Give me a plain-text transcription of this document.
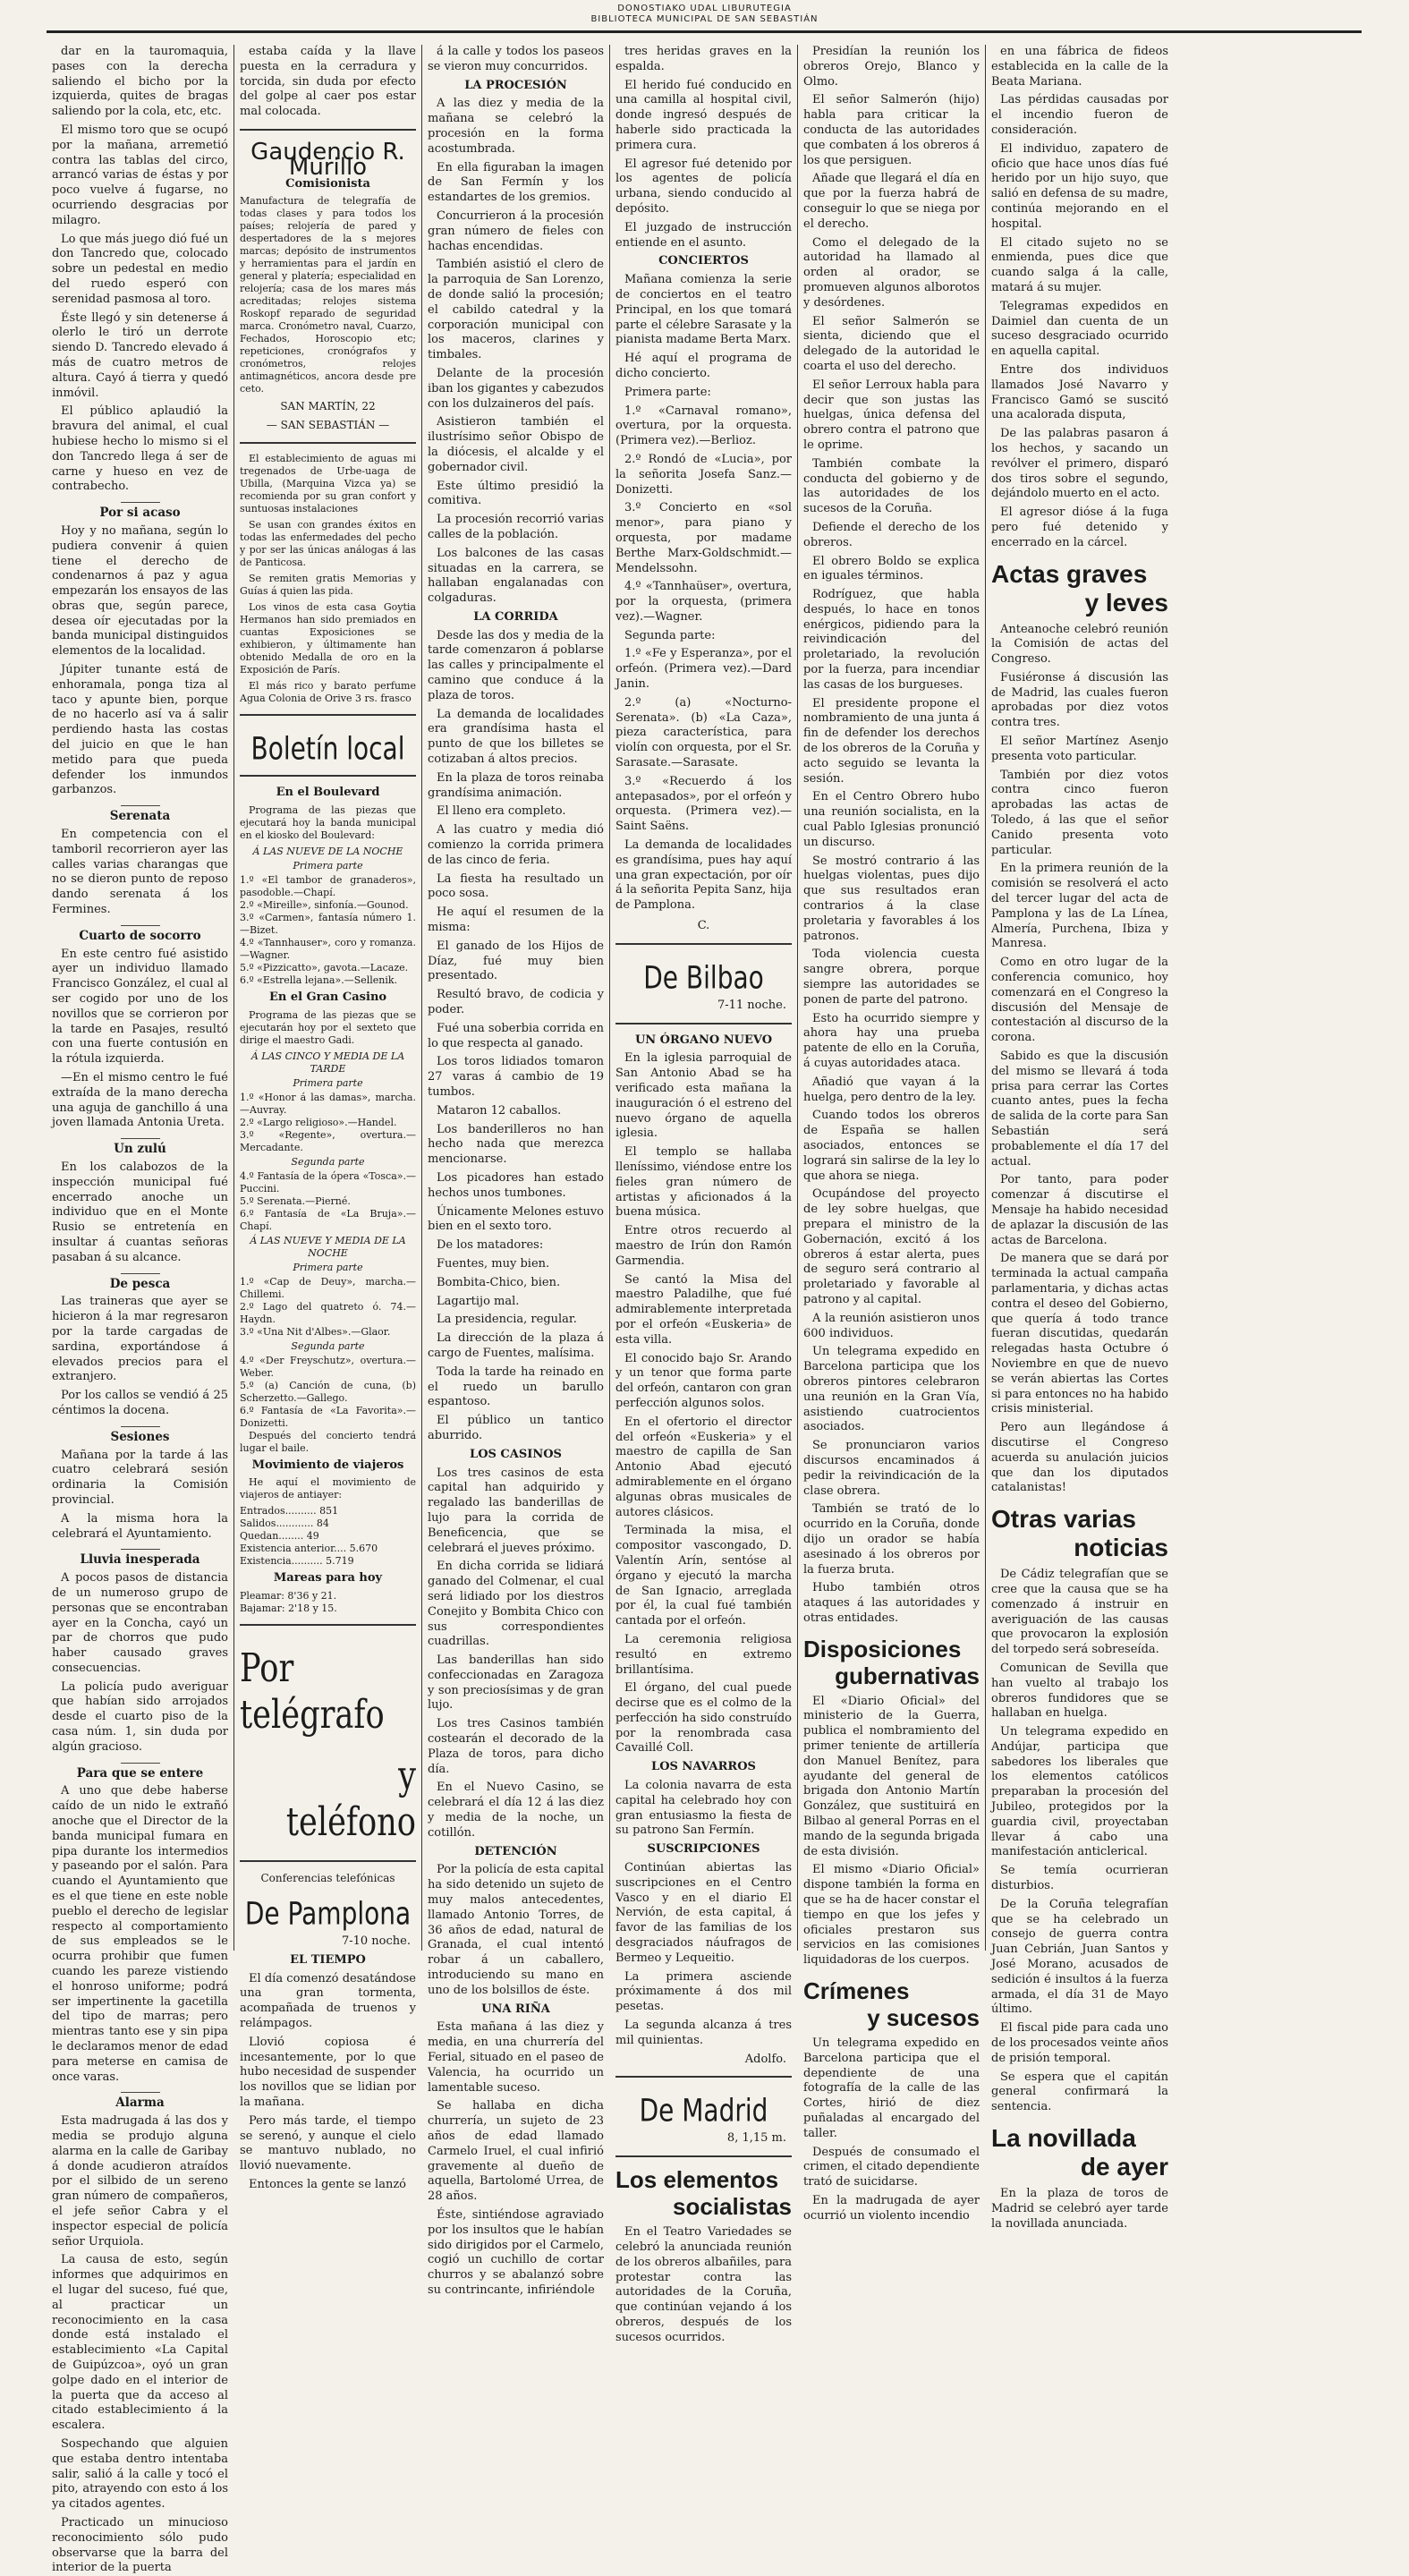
DONOSTIAKO UDAL LIBURUTEGIA
BIBLIOTECA MUNICIPAL DE SAN SEBASTIÁN

dar en la tauromaquia, pases con la derecha saliendo el bicho por la izquierda, quites de bragas saliendo por la cola, etc, etc.

El mismo toro que se ocupó por la mañana, arremetió contra las tablas del circo, arrancó varias de éstas y por poco vuelve á fugarse, no ocurriendo desgracias por milagro.

Lo que más juego dió fué un don Tancredo que, colocado sobre un pedestal en medio del ruedo esperó con serenidad pasmosa al toro.

Éste llegó y sin detenerse á olerlo le tiró un derrote siendo D. Tancredo elevado á más de cuatro metros de altura. Cayó á tierra y quedó inmóvil.

El público aplaudió la bravura del animal, el cual hubiese hecho lo mismo si el don Tancredo llega á ser de carne y hueso en vez de contrabecho.

Por si acaso

Hoy y no mañana, según lo pudiera convenir á quien tiene el derecho de condenarnos á paz y agua empezarán los ensayos de las obras que, según parece, desea oír ejecutadas por la banda municipal distinguidos elementos de la localidad.

Júpiter tunante está de enhoramala, ponga tiza al taco y apunte bien, porque de no hacerlo así va á salir perdiendo hasta las costas del juicio en que le han metido para que pueda defender los inmundos garbanzos.

Serenata

En competencia con el tamboril recorrieron ayer las calles varias charangas que no se dieron punto de reposo dando serenata á los Fermines.

Cuarto de socorro

En este centro fué asistido ayer un individuo llamado Francisco González, el cual al ser cogido por uno de los novillos que se corrieron por la tarde en Pasajes, resultó con una fuerte contusión en la rótula izquierda.

—En el mismo centro le fué extraída de la mano derecha una aguja de ganchillo á una joven llamada Antonia Ureta.

Un zulú

En los calabozos de la inspección municipal fué encerrado anoche un individuo que en el Monte Rusio se entretenía en insultar á cuantas señoras pasaban á su alcance.

De pesca

Las traineras que ayer se hicieron á la mar regresaron por la tarde cargadas de sardina, exportándose á elevados precios para el extranjero.

Por los callos se vendió á 25 céntimos la docena.

Sesiones

Mañana por la tarde á las cuatro celebrará sesión ordinaria la Comisión provincial.

A la misma hora la celebrará el Ayuntamiento.

Lluvia inesperada

A pocos pasos de distancia de un numeroso grupo de personas que se encontraban ayer en la Concha, cayó un par de chorros que pudo haber causado graves consecuencias.

La policía pudo averiguar que habían sido arrojados desde el cuarto piso de la casa núm. 1, sin duda por algún gracioso.

Para que se entere

A uno que debe haberse caído de un nido le extrañó anoche que el Director de la banda municipal fumara en pipa durante los intermedios y paseando por el salón. Para cuando el Ayuntamiento que es el que tiene en este noble pueblo el derecho de legislar respecto al comportamiento de sus empleados se le ocurra prohibir que fumen cuando les pareze vistiendo el honroso uniforme; podrá ser impertinente la gacetilla del tipo de marras; pero mientras tanto ese y sin pipa le declaramos menor de edad para meterse en camisa de once varas.

Alarma

Esta madrugada á las dos y media se produjo alguna alarma en la calle de Garibay á donde acudieron atraídos por el silbido de un sereno gran número de compañeros, el jefe señor Cabra y el inspector especial de policía señor Urquiola.

La causa de esto, según informes que adquirimos en el lugar del suceso, fué que, al practicar un reconocimiento en la casa donde está instalado el establecimiento «La Capital de Guipúzcoa», oyó un gran golpe dado en el interior de la puerta que da acceso al citado establecimiento á la escalera.

Sospechando que alguien que estaba dentro intentaba salir, salió á la calle y tocó el pito, atrayendo con esto á los ya citados agentes.

Practicado un minucioso reconocimiento sólo pudo observarse que la barra del interior de la puerta

estaba caída y la llave puesta en la cerradura y torcida, sin duda por efecto del golpe al caer pos estar mal colocada.

Gaudencio R. Murillo
Comisionista
Manufactura de telegrafía de todas clases y para todos los países; relojería de pared y despertadores de la s mejores marcas; depósito de instrumentos y herramientas para el jardín en general y platería; especialidad en relojería; casa de los mares más acreditadas; relojes sistema Roskopf reparado de seguridad marca. Cronómetro naval, Cuarzo, Fechados, Horoscopio etc; repeticiones, cronógrafos y cronómetros, relojes antimagnéticos, ancora desde pre ceto.
SAN MARTÍN, 22
— SAN SEBASTIÁN —

El establecimiento de aguas mi tregenados de Urbe-uaga de Ubilla, (Marquina Vizca ya) se recomienda por su gran confort y suntuosas instalaciones

Se usan con grandes éxitos en todas las enfermedades del pecho y por ser las únicas análogas á las de Panticosa.

Se remiten gratis Memorias y Guías á quien las pida.

Los vinos de esta casa Goytia Hermanos han sido premiados en cuantas Exposiciones se exhibieron, y últimamente han obtenido Medalla de oro en la Exposición de París.

El más rico y barato perfume Agua Colonia de Orive 3 rs. frasco

Boletín local
En el Boulevard

Programa de las piezas que ejecutará hoy la banda municipal en el kiosko del Boulevard:

Á LAS NUEVE DE LA NOCHE
Primera parte
1.º «El tambor de granaderos», pasodoble.—Chapí.
2.º «Mireille», sinfonía.—Gounod.
3.º «Carmen», fantasía número 1.—Bizet.
4.º «Tannhauser», coro y romanza.—Wagner.
5.º «Pizzicatto», gavota.—Lacaze.
6.º «Estrella lejana».—Sellenik.
En el Gran Casino

Programa de las piezas que se ejecutarán hoy por el sexteto que dirige el maestro Gadi.

Á LAS CINCO Y MEDIA DE LA TARDE
Primera parte
1.º «Honor á las damas», marcha.—Auvray.
2.º «Largo religioso».—Handel.
3.º «Regente», overtura.—Mercadante.
Segunda parte
4.º Fantasía de la ópera «Tosca».—Puccini.
5.º Serenata.—Pierné.
6.º Fantasía de «La Bruja».—Chapí.
Á LAS NUEVE Y MEDIA DE LA NOCHE
Primera parte
1.º «Cap de Deuy», marcha.—Chillemi.
2.º Lago del quatreto ó. 74.—Haydn.
3.º «Una Nit d'Albes».—Glaor.
Segunda parte
4.º «Der Freyschutz», overtura.—Weber.
5.º (a) Canción de cuna, (b) Scherzetto.—Gallego.
6.º Fantasía de «La Favorita».—Donizetti.

Después del concierto tendrá lugar el baile.

Movimiento de viajeros

He aquí el movimiento de viajeros de antiayer:

Entrados.......... 851
Salidos............ 84
Quedan........ 49
Existencia anterior.... 5.670
Existencia.......... 5.719
Mareas para hoy
Pleamar: 8'36 y 21.
Bajamar: 2'18 y 15.
Por telégrafo
y teléfono
Conferencias telefónicas
De Pamplona
7-10 noche.
EL TIEMPO

El día comenzó desatándose una gran tormenta, acompañada de truenos y relámpagos.

Llovió copiosa é incesantemente, por lo que hubo necesidad de suspender los novillos que se lidian por la mañana.

Pero más tarde, el tiempo se serenó, y aunque el cielo se mantuvo nublado, no llovió nuevamente.

Entonces la gente se lanzó

á la calle y todos los paseos se vieron muy concurridos.

LA PROCESIÓN

A las diez y media de la mañana se celebró la procesión en la forma acostumbrada.

En ella figuraban la imagen de San Fermín y los estandartes de los gremios.

Concurrieron á la procesión gran número de fieles con hachas encendidas.

También asistió el clero de la parroquia de San Lorenzo, de donde salió la procesión; el cabildo catedral y la corporación municipal con los maceros, clarines y timbales.

Delante de la procesión iban los gigantes y cabezudos con los dulzaineros del país.

Asistieron también el ilustrísimo señor Obispo de la diócesis, el alcalde y el gobernador civil.

Este último presidió la comitiva.

La procesión recorrió varias calles de la población.

Los balcones de las casas situadas en la carrera, se hallaban engalanadas con colgaduras.

LA CORRIDA

Desde las dos y media de la tarde comenzaron á poblarse las calles y principalmente el camino que conduce á la plaza de toros.

La demanda de localidades era grandísima hasta el punto de que los billetes se cotizaban á altos precios.

En la plaza de toros reinaba grandísima animación.

El lleno era completo.

A las cuatro y media dió comienzo la corrida primera de las cinco de feria.

La fiesta ha resultado un poco sosa.

He aquí el resumen de la misma:

El ganado de los Hijos de Díaz, fué muy bien presentado.

Resultó bravo, de codicia y poder.

Fué una soberbia corrida en lo que respecta al ganado.

Los toros lidiados tomaron 27 varas á cambio de 19 tumbos.

Mataron 12 caballos.

Los banderilleros no han hecho nada que merezca mencionarse.

Los picadores han estado hechos unos tumbones.

Únicamente Melones estuvo bien en el sexto toro.

De los matadores:

Fuentes, muy bien.

Bombita-Chico, bien.

Lagartijo mal.

La presidencia, regular.

La dirección de la plaza á cargo de Fuentes, malísima.

Toda la tarde ha reinado en el ruedo un barullo espantoso.

El público un tantico aburrido.

LOS CASINOS

Los tres casinos de esta capital han adquirido y regalado las banderillas de lujo para la corrida de Beneficencia, que se celebrará el jueves próximo.

En dicha corrida se lidiará ganado del Colmenar, el cual será lidiado por los diestros Conejito y Bombita Chico con sus correspondientes cuadrillas.

Las banderillas han sido confeccionadas en Zaragoza y son preciosísimas y de gran lujo.

Los tres Casinos también costearán el decorado de la Plaza de toros, para dicho día.

En el Nuevo Casino, se celebrará el día 12 á las diez y media de la noche, un cotillón.

DETENCIÓN

Por la policía de esta capital ha sido detenido un sujeto de muy malos antecedentes, llamado Antonio Torres, de 36 años de edad, natural de Granada, el cual intentó robar á un caballero, introduciendo su mano en uno de los bolsillos de éste.

UNA RIÑA

Esta mañana á las diez y media, en una churrería del Ferial, situado en el paseo de Valencia, ha ocurrido un lamentable suceso.

Se hallaba en dicha churrería, un sujeto de 23 años de edad llamado Carmelo Iruel, el cual infirió gravemente al dueño de aquella, Bartolomé Urrea, de 28 años.

Éste, sintiéndose agraviado por los insultos que le habían sido dirigidos por el Carmelo, cogió un cuchillo de cortar churros y se abalanzó sobre su contrincante, infiriéndole

tres heridas graves en la espalda.

El herido fué conducido en una camilla al hospital civil, donde ingresó después de haberle sido practicada la primera cura.

El agresor fué detenido por los agentes de policía urbana, siendo conducido al depósito.

El juzgado de instrucción entiende en el asunto.

CONCIERTOS

Mañana comienza la serie de conciertos en el teatro Principal, en los que tomará parte el célebre Sarasate y la pianista madame Berta Marx.

Hé aquí el programa de dicho concierto.

Primera parte:

1.º «Carnaval romano», overtura, por la orquesta. (Primera vez).—Berlioz.

2.º Rondó de «Lucia», por la señorita Josefa Sanz.—Donizetti.

3.º Concierto en «sol menor», para piano y orquesta, por madame Berthe Marx-Goldschmidt.—Mendelssohn.

4.º «Tannhaüser», overtura, por la orquesta, (primera vez).—Wagner.

Segunda parte:

1.º «Fe y Esperanza», por el orfeón. (Primera vez).—Dard Janin.

2.º (a) «Nocturno-Serenata». (b) «La Caza», pieza característica, para violín con orquesta, por el Sr. Sarasate.—Sarasate.

3.º «Recuerdo á los antepasados», por el orfeón y orquesta. (Primera vez).—Saint Saëns.

La demanda de localidades es grandísima, pues hay aquí una gran expectación, por oír á la señorita Pepita Sanz, hija de Pamplona.

C.
De Bilbao
7-11 noche.
UN ÓRGANO NUEVO

En la iglesia parroquial de San Antonio Abad se ha verificado esta mañana la inauguración ó el estreno del nuevo órgano de aquella iglesia.

El templo se hallaba lleníssimo, viéndose entre los fieles gran número de artistas y aficionados á la buena música.

Entre otros recuerdo al maestro de Irún don Ramón Garmendia.

Se cantó la Misa del maestro Paladilhe, que fué admirablemente interpretada por el orfeón «Euskeria» de esta villa.

El conocido bajo Sr. Arando y un tenor que forma parte del orfeón, cantaron con gran perfección algunos solos.

En el ofertorio el director del orfeón «Euskeria» y el maestro de capilla de San Antonio Abad ejecutó admirablemente en el órgano algunas obras musicales de autores clásicos.

Terminada la misa, el compositor vascongado, D. Valentín Arín, sentóse al órgano y ejecutó la marcha de San Ignacio, arreglada por él, la cual fué también cantada por el orfeón.

La ceremonia religiosa resultó en extremo brillantísima.

El órgano, del cual puede decirse que es el colmo de la perfección ha sido construído por la renombrada casa Cavaillé Coll.

LOS NAVARROS

La colonia navarra de esta capital ha celebrado hoy con gran entusiasmo la fiesta de su patrono San Fermín.

SUSCRIPCIONES

Continúan abiertas las suscripciones en el Centro Vasco y en el diario El Nervión, de esta capital, á favor de las familias de los desgraciados náufragos de Bermeo y Lequeitio.

La primera asciende próximamente á dos mil pesetas.

La segunda alcanza á tres mil quinientas.

Adolfo.
De Madrid
8, 1,15 m.
Los elementos
socialistas

En el Teatro Variedades se celebró la anunciada reunión de los obreros albañiles, para protestar contra las autoridades de la Coruña, que continúan vejando á los obreros, después de los sucesos ocurridos.

Presidían la reunión los obreros Orejo, Blanco y Olmo.

El señor Salmerón (hijo) habla para criticar la conducta de las autoridades que combaten á los obreros á los que persiguen.

Añade que llegará el día en que por la fuerza habrá de conseguir lo que se niega por el derecho.

Como el delegado de la autoridad ha llamado al orden al orador, se promueven algunos alborotos y desórdenes.

El señor Salmerón se sienta, diciendo que el delegado de la autoridad le coarta el uso del derecho.

El señor Lerroux habla para decir que son justas las huelgas, única defensa del obrero contra el patrono que le oprime.

También combate la conducta del gobierno y de las autoridades de los sucesos de la Coruña.

Defiende el derecho de los obreros.

El obrero Boldo se explica en iguales términos.

Rodríguez, que habla después, lo hace en tonos enérgicos, pidiendo para la reivindicación del proletariado, la revolución por la fuerza, para incendiar las casas de los burgueses.

El presidente propone el nombramiento de una junta á fin de defender los derechos de los obreros de la Coruña y acto seguido se levanta la sesión.

En el Centro Obrero hubo una reunión socialista, en la cual Pablo Iglesias pronunció un discurso.

Se mostró contrario á las huelgas violentas, pues dijo que sus resultados eran contrarios á la clase proletaria y favorables á los patronos.

Toda violencia cuesta sangre obrera, porque siempre las autoridades se ponen de parte del patrono.

Esto ha ocurrido siempre y ahora hay una prueba patente de ello en la Coruña, á cuyas autoridades ataca.

Añadió que vayan á la huelga, pero dentro de la ley.

Cuando todos los obreros de España se hallen asociados, entonces se logrará sin salirse de la ley lo que ahora se niega.

Ocupándose del proyecto de ley sobre huelgas, que prepara el ministro de la Gobernación, excitó á los obreros á estar alerta, pues de seguro será contrario al proletariado y favorable al patrono y al capital.

A la reunión asistieron unos 600 individuos.

Un telegrama expedido en Barcelona participa que los obreros pintores celebraron una reunión en la Gran Vía, asistiendo cuatrocientos asociados.

Se pronunciaron varios discursos encaminados á pedir la reivindicación de la clase obrera.

También se trató de lo ocurrido en la Coruña, donde dijo un orador se había asesinado á los obreros por la fuerza bruta.

Hubo también otros ataques á las autoridades y otras entidades.

Disposiciones
gubernativas

El «Diario Oficial» del ministerio de la Guerra, publica el nombramiento del primer teniente de artillería don Manuel Benítez, para ayudante del general de brigada don Antonio Martín González, que sustituirá en Bilbao al general Porras en el mando de la segunda brigada de esta división.

El mismo «Diario Oficial» dispone también la forma en que se ha de hacer constar el tiempo en que los jefes y oficiales prestaron sus servicios en las comisiones liquidadoras de los cuerpos.

Crímenes
y sucesos

Un telegrama expedido en Barcelona participa que el dependiente de una fotografía de la calle de las Cortes, hirió de diez puñaladas al encargado del taller.

Después de consumado el crimen, el citado dependiente trató de suicidarse.

En la madrugada de ayer ocurrió un violento incendio

en una fábrica de fideos establecida en la calle de la Beata Mariana.

Las pérdidas causadas por el incendio fueron de consideración.

El individuo, zapatero de oficio que hace unos días fué herido por un hijo suyo, que salió en defensa de su madre, continúa mejorando en el hospital.

El citado sujeto no se enmienda, pues dice que cuando salga á la calle, matará á su mujer.

Telegramas expedidos en Daimiel dan cuenta de un suceso desgraciado ocurrido en aquella capital.

Entre dos individuos llamados José Navarro y Francisco Gamó se suscitó una acalorada disputa,

De las palabras pasaron á los hechos, y sacando un revólver el primero, disparó dos tiros sobre el segundo, dejándolo muerto en el acto.

El agresor dióse á la fuga pero fué detenido y encerrado en la cárcel.

Actas graves
y leves

Anteanoche celebró reunión la Comisión de actas del Congreso.

Fusiéronse á discusión las de Madrid, las cuales fueron aprobadas por diez votos contra tres.

El señor Martínez Asenjo presenta voto particular.

También por diez votos contra cinco fueron aprobadas las actas de Toledo, á las que el señor Canido presenta voto particular.

En la primera reunión de la comisión se resolverá el acto del tercer lugar del acta de Pamplona y las de La Línea, Almería, Purchena, Ibiza y Manresa.

Como en otro lugar de la conferencia comunico, hoy comenzará en el Congreso la discusión del Mensaje de contestación al discurso de la corona.

Sabido es que la discusión del mismo se llevará á toda prisa para cerrar las Cortes cuanto antes, pues la fecha de salida de la corte para San Sebastián será probablemente el día 17 del actual.

Por tanto, para poder comenzar á discutirse el Mensaje ha habido necesidad de aplazar la discusión de las actas de Barcelona.

De manera que se dará por terminada la actual campaña parlamentaria, y dichas actas contra el deseo del Gobierno, que quería á todo trance fueran discutidas, quedarán relegadas hasta Octubre ó Noviembre en que de nuevo se verán abiertas las Cortes si para entonces no ha habido crisis ministerial.

Pero aun llegándose á discutirse el Congreso acuerda su anulación juicios que dan los diputados catalanistas!

Otras varias
noticias

De Cádiz telegrafían que se cree que la causa que se ha comenzado á instruir en averiguación de las causas que provocaron la explosión del torpedo será sobreseída.

Comunican de Sevilla que han vuelto al trabajo los obreros fundidores que se hallaban en huelga.

Un telegrama expedido en Andújar, participa que sabedores los liberales que los elementos católicos preparaban la procesión del Jubileo, protegidos por la guardia civil, proyectaban llevar á cabo una manifestación anticlerical.

Se temía ocurrieran disturbios.

De la Coruña telegrafían que se ha celebrado un consejo de guerra contra Juan Cebrián, Juan Santos y José Morano, acusados de sedición é insultos á la fuerza armada, el día 31 de Mayo último.

El fiscal pide para cada uno de los procesados veinte años de prisión temporal.

Se espera que el capitán general confirmará la sentencia.

La novillada
de ayer

En la plaza de toros de Madrid se celebró ayer tarde la novillada anunciada.
